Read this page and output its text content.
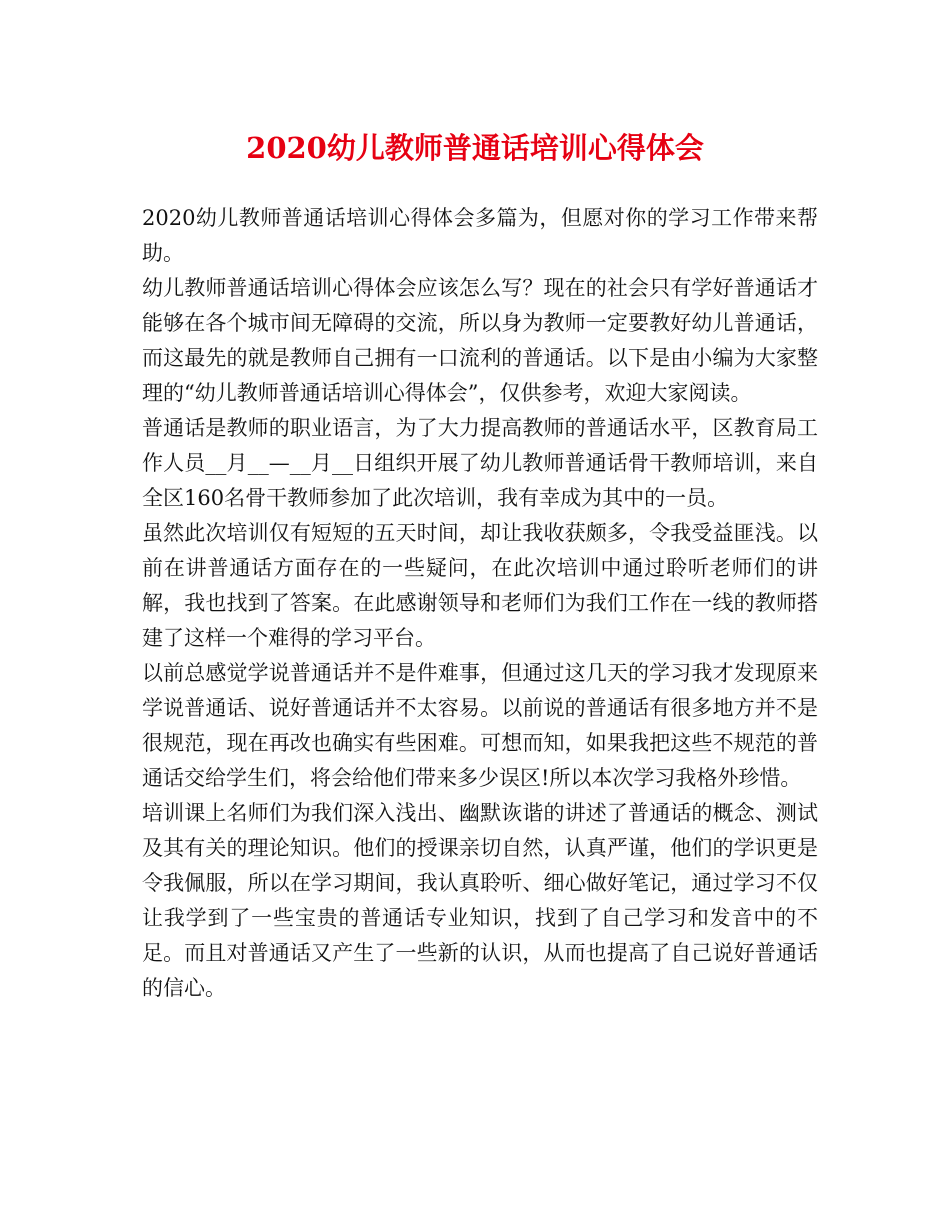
2020幼儿教师普通话培训心得体会

2020幼儿教师普通话培训心得体会多篇为，但愿对你的学习工作带来帮助。

幼儿教师普通话培训心得体会应该怎么写？现在的社会只有学好普通话才能够在各个城市间无障碍的交流，所以身为教师一定要教好幼儿普通话，而这最先的就是教师自己拥有一口流利的普通话。以下是由小编为大家整理的“幼儿教师普通话培训心得体会”，仅供参考，欢迎大家阅读。

普通话是教师的职业语言，为了大力提高教师的普通话水平，区教育局工作人员__月__—__月__日组织开展了幼儿教师普通话骨干教师培训，来自全区160名骨干教师参加了此次培训，我有幸成为其中的一员。

虽然此次培训仅有短短的五天时间，却让我收获颇多，令我受益匪浅。以前在讲普通话方面存在的一些疑问，在此次培训中通过聆听老师们的讲解，我也找到了答案。在此感谢领导和老师们为我们工作在一线的教师搭建了这样一个难得的学习平台。

以前总感觉学说普通话并不是件难事，但通过这几天的学习我才发现原来学说普通话、说好普通话并不太容易。以前说的普通话有很多地方并不是很规范，现在再改也确实有些困难。可想而知，如果我把这些不规范的普通话交给学生们，将会给他们带来多少误区!所以本次学习我格外珍惜。

培训课上名师们为我们深入浅出、幽默诙谐的讲述了普通话的概念、测试及其有关的理论知识。他们的授课亲切自然，认真严谨，他们的学识更是令我佩服，所以在学习期间，我认真聆听、细心做好笔记，通过学习不仅让我学到了一些宝贵的普通话专业知识，找到了自己学习和发音中的不足。而且对普通话又产生了一些新的认识，从而也提高了自己说好普通话的信心。
